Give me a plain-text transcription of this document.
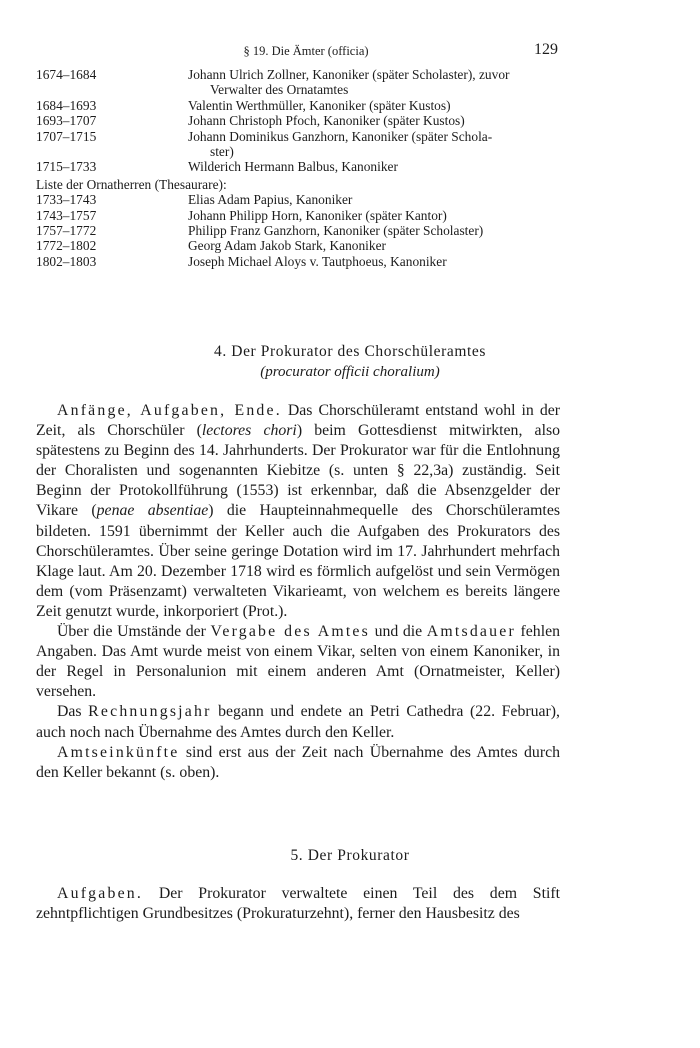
§ 19. Die Ämter (officia)	129
1674–1684	Johann Ulrich Zollner, Kanoniker (später Scholaster), zuvor
Verwalter des Ornatamtes
1684–1693	Valentin Werthmüller, Kanoniker (später Kustos)
1693–1707	Johann Christoph Pfoch, Kanoniker (später Kustos)
1707–1715	Johann Dominikus Ganzhorn, Kanoniker (später Schola-
ster)
1715–1733	Wilderich Hermann Balbus, Kanoniker
Liste der Ornatherren (Thesaurare):
1733–1743	Elias Adam Papius, Kanoniker
1743–1757	Johann Philipp Horn, Kanoniker (später Kantor)
1757–1772	Philipp Franz Ganzhorn, Kanoniker (später Scholaster)
1772–1802	Georg Adam Jakob Stark, Kanoniker
1802–1803	Joseph Michael Aloys v. Tautphoeus, Kanoniker
4. Der Prokurator des Chorschüleramtes
(procurator officii choralium)

Anfänge, Aufgaben, Ende. Das Chorschüleramt entstand wohl in der Zeit, als Chorschüler (lectores chori) beim Gottesdienst mitwirkten, also spätestens zu Beginn des 14. Jahrhunderts. Der Prokurator war für die Entlohnung der Choralisten und sogenannten Kiebitze (s. unten § 22,3a) zuständig. Seit Beginn der Protokollführung (1553) ist erkennbar, daß die Absenzgelder der Vikare (penae absentiae) die Haupteinnahmequelle des Chorschüleramtes bildeten. 1591 übernimmt der Keller auch die Aufgaben des Prokurators des Chorschüleramtes. Über seine geringe Dotation wird im 17. Jahrhundert mehrfach Klage laut. Am 20. Dezember 1718 wird es förmlich aufgelöst und sein Vermögen dem (vom Präsenzamt) verwalteten Vikarieamt, von welchem es bereits längere Zeit genutzt wurde, inkorporiert (Prot.).

Über die Umstände der Vergabe des Amtes und die Amtsdauer fehlen Angaben. Das Amt wurde meist von einem Vikar, selten von einem Kanoniker, in der Regel in Personalunion mit einem anderen Amt (Ornatmeister, Keller) versehen.

Das Rechnungsjahr begann und endete an Petri Cathedra (22. Februar), auch noch nach Übernahme des Amtes durch den Keller.

Amtseinkünfte sind erst aus der Zeit nach Übernahme des Amtes durch den Keller bekannt (s. oben).

5. Der Prokurator

Aufgaben. Der Prokurator verwaltete einen Teil des dem Stift zehntpflichtigen Grundbesitzes (Prokuraturzehnt), ferner den Hausbesitz des
